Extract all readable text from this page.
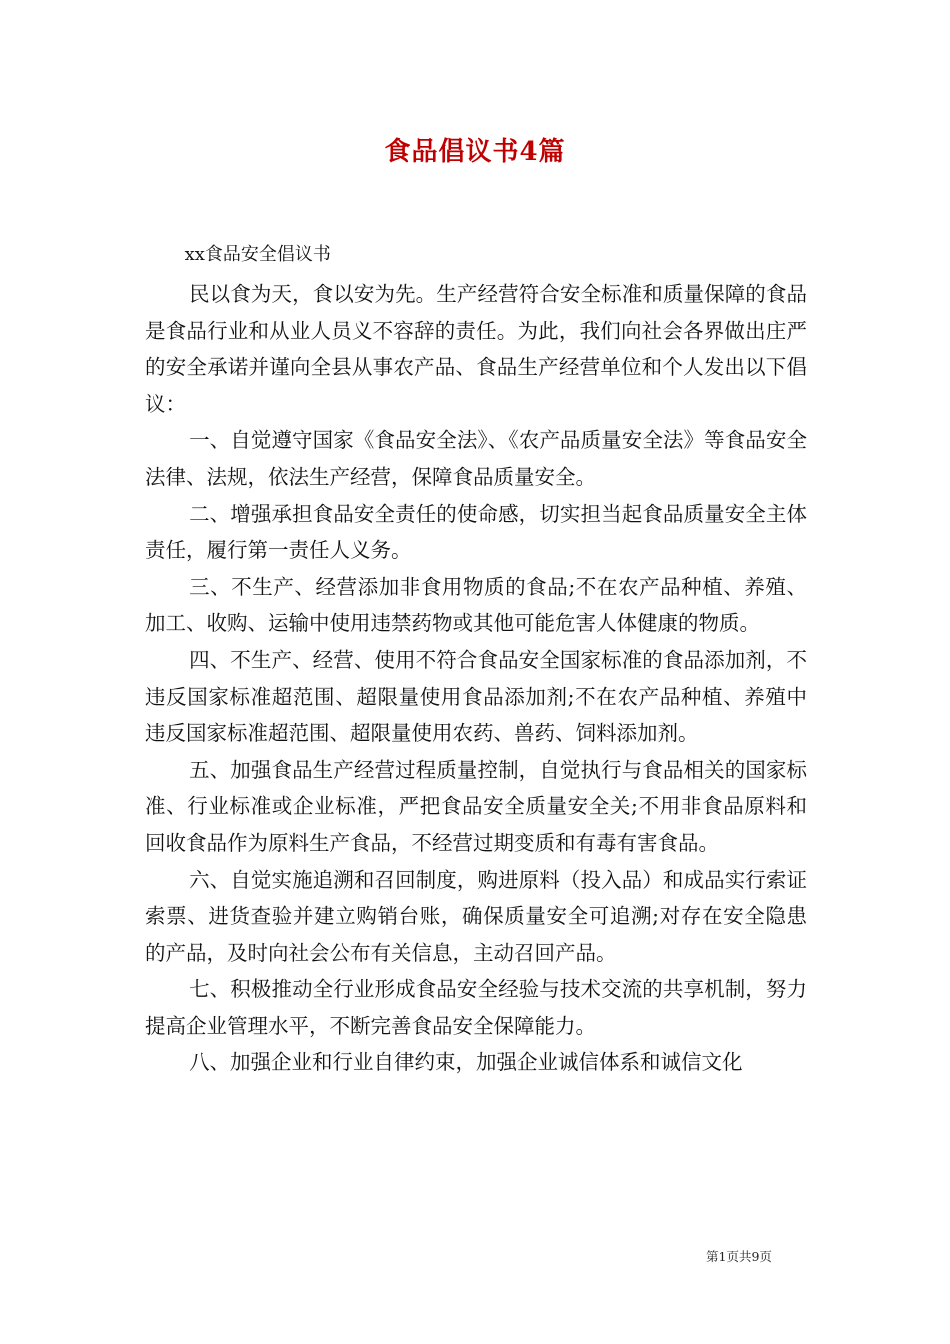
食品倡议书4篇

xx食品安全倡议书

民以食为天，食以安为先。生产经营符合安全标准和质量保障的食品是食品行业和从业人员义不容辞的责任。为此，我们向社会各界做出庄严的安全承诺并谨向全县从事农产品、食品生产经营单位和个人发出以下倡议：

一、自觉遵守国家《食品安全法》、《农产品质量安全法》等食品安全法律、法规，依法生产经营，保障食品质量安全。

二、增强承担食品安全责任的使命感，切实担当起食品质量安全主体责任，履行第一责任人义务。

三、不生产、经营添加非食用物质的食品;不在农产品种植、养殖、加工、收购、运输中使用违禁药物或其他可能危害人体健康的物质。

四、不生产、经营、使用不符合食品安全国家标准的食品添加剂，不违反国家标准超范围、超限量使用食品添加剂;不在农产品种植、养殖中违反国家标准超范围、超限量使用农药、兽药、饲料添加剂。

五、加强食品生产经营过程质量控制，自觉执行与食品相关的国家标准、行业标准或企业标准，严把食品安全质量安全关;不用非食品原料和回收食品作为原料生产食品，不经营过期变质和有毒有害食品。

六、自觉实施追溯和召回制度，购进原料（投入品）和成品实行索证索票、进货查验并建立购销台账，确保质量安全可追溯;对存在安全隐患的产品，及时向社会公布有关信息，主动召回产品。

七、积极推动全行业形成食品安全经验与技术交流的共享机制，努力提高企业管理水平，不断完善食品安全保障能力。

八、加强企业和行业自律约束，加强企业诚信体系和诚信文化

第1页共9页
